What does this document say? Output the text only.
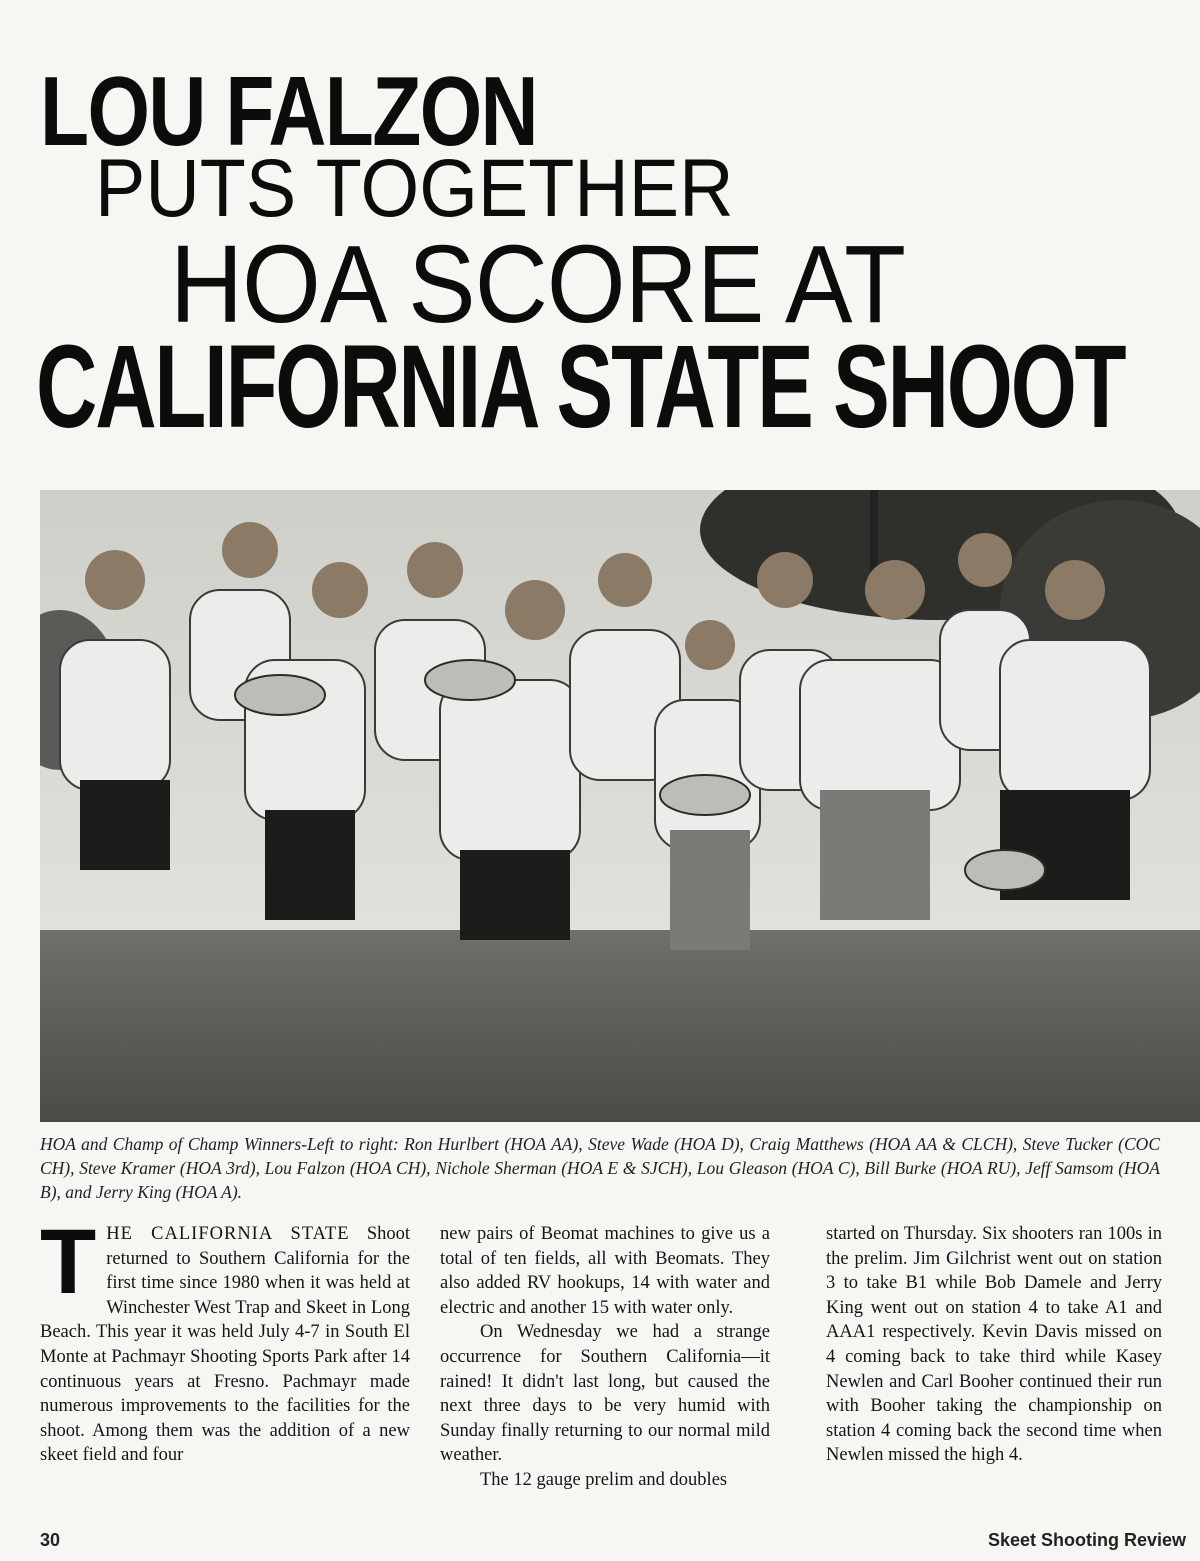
LOU FALZON
PUTS TOGETHER
HOA SCORE AT
CALIFORNIA STATE SHOOT
HOA and Champ of Champ Winners-Left to right: Ron Hurlbert (HOA AA), Steve Wade (HOA D), Craig Matthews (HOA AA & CLCH), Steve Tucker (COC CH), Steve Kramer (HOA 3rd), Lou Falzon (HOA CH), Nichole Sherman (HOA E & SJCH), Lou Gleason (HOA C), Bill Burke (HOA RU), Jeff Samsom (HOA B), and Jerry King (HOA A).

THE CALIFORNIA STATE Shoot returned to Southern California for the first time since 1980 when it was held at Winchester West Trap and Skeet in Long Beach. This year it was held July 4-7 in South El Monte at Pachmayr Shooting Sports Park after 14 continuous years at Fresno. Pachmayr made numerous improvements to the facilities for the shoot. Among them was the addition of a new skeet field and four

new pairs of Beomat machines to give us a total of ten fields, all with Beomats. They also added RV hookups, 14 with water and electric and another 15 with water only.

On Wednesday we had a strange occurrence for Southern California—it rained! It didn't last long, but caused the next three days to be very humid with Sunday finally returning to our normal mild weather.

The 12 gauge prelim and doubles

started on Thursday. Six shooters ran 100s in the prelim. Jim Gilchrist went out on station 3 to take B1 while Bob Damele and Jerry King went out on station 4 to take A1 and AAA1 respectively. Kevin Davis missed on 4 coming back to take third while Kasey Newlen and Carl Booher continued their run with Booher taking the championship on station 4 coming back the second time when Newlen missed the high 4.

30	Skeet Shooting Review
